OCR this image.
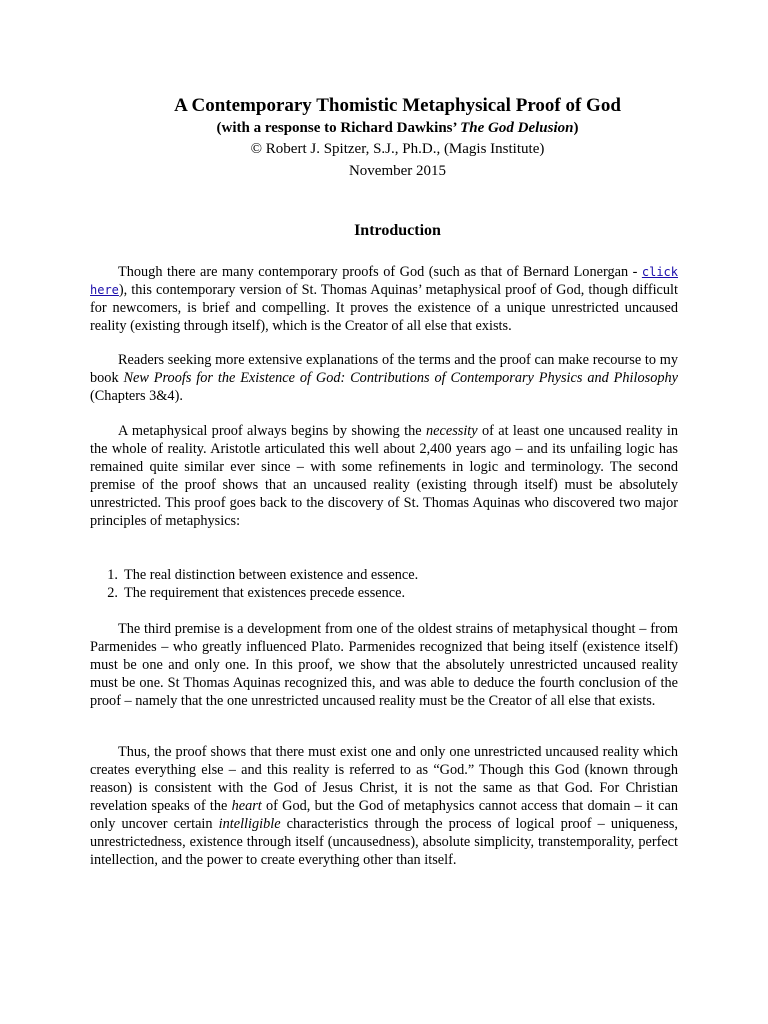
A Contemporary Thomistic Metaphysical Proof of God
(with a response to Richard Dawkins’ The God Delusion)
© Robert J. Spitzer, S.J., Ph.D., (Magis Institute)
November 2015
Introduction

Though there are many contemporary proofs of God (such as that of Bernard Lonergan - click here), this contemporary version of St. Thomas Aquinas’ metaphysical proof of God, though difficult for newcomers, is brief and compelling. It proves the existence of a unique unrestricted uncaused reality (existing through itself), which is the Creator of all else that exists.

Readers seeking more extensive explanations of the terms and the proof can make recourse to my book New Proofs for the Existence of God: Contributions of Contemporary Physics and Philosophy (Chapters 3&4).

A metaphysical proof always begins by showing the necessity of at least one uncaused reality in the whole of reality. Aristotle articulated this well about 2,400 years ago – and its unfailing logic has remained quite similar ever since – with some refinements in logic and terminology. The second premise of the proof shows that an uncaused reality (existing through itself) must be absolutely unrestricted. This proof goes back to the discovery of St. Thomas Aquinas who discovered two major principles of metaphysics:

1. The real distinction between existence and essence.
2. The requirement that existences precede essence.

The third premise is a development from one of the oldest strains of metaphysical thought – from Parmenides – who greatly influenced Plato. Parmenides recognized that being itself (existence itself) must be one and only one. In this proof, we show that the absolutely unrestricted uncaused reality must be one. St Thomas Aquinas recognized this, and was able to deduce the fourth conclusion of the proof – namely that the one unrestricted uncaused reality must be the Creator of all else that exists.

Thus, the proof shows that there must exist one and only one unrestricted uncaused reality which creates everything else – and this reality is referred to as “God.” Though this God (known through reason) is consistent with the God of Jesus Christ, it is not the same as that God. For Christian revelation speaks of the heart of God, but the God of metaphysics cannot access that domain – it can only uncover certain intelligible characteristics through the process of logical proof – uniqueness, unrestrictedness, existence through itself (uncausedness), absolute simplicity, transtemporality, perfect intellection, and the power to create everything other than itself.
